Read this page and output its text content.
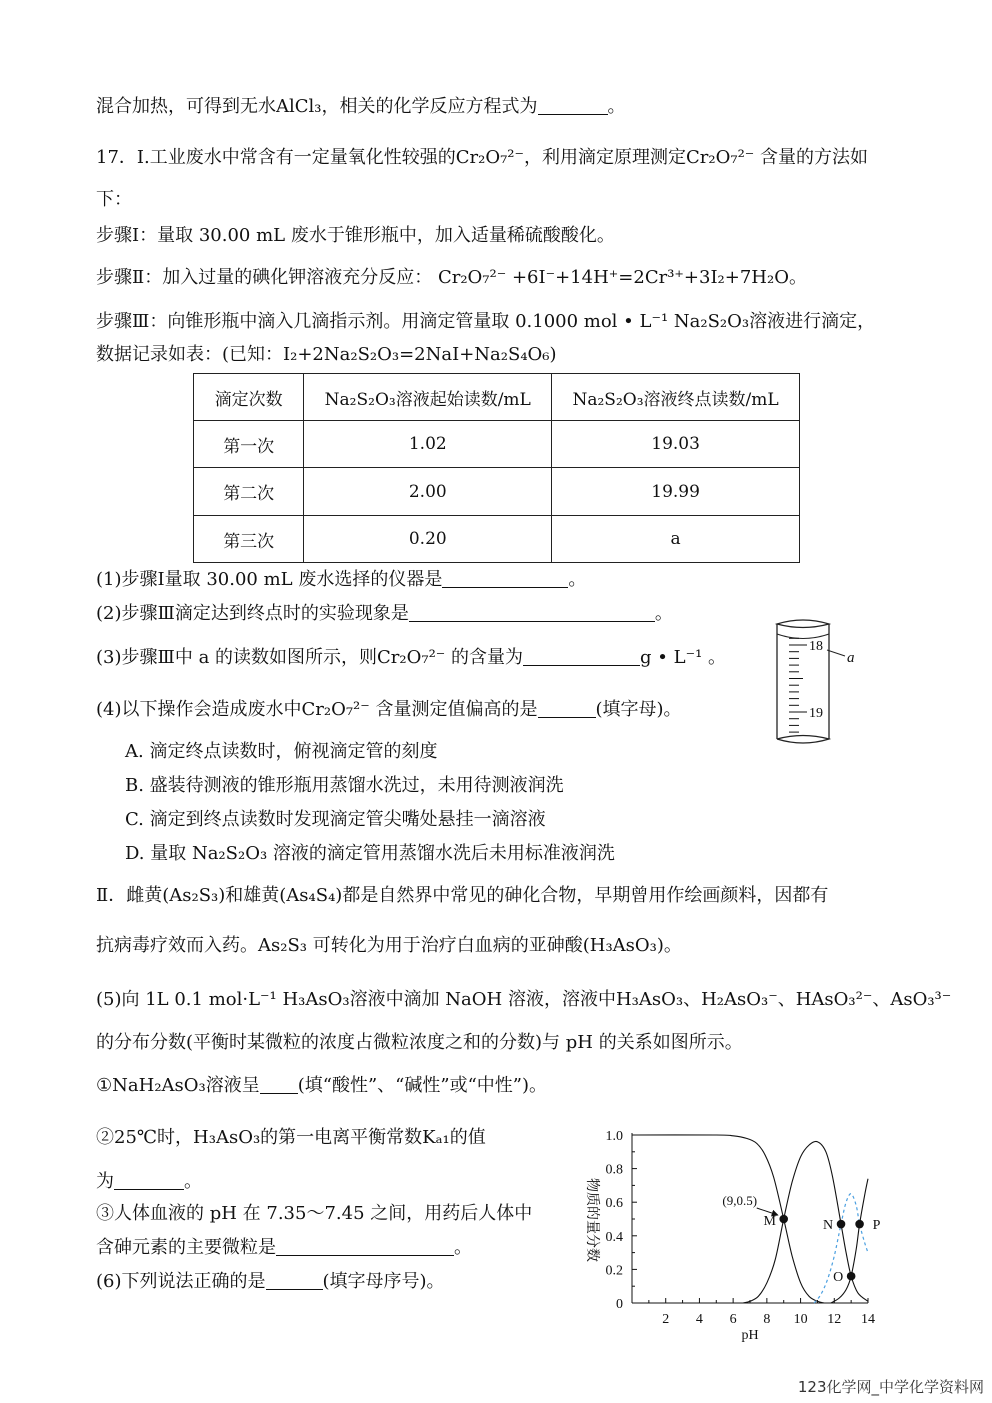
混合加热，可得到无水AlCl₃，相关的化学反应方程式为	。
17．I.工业废水中常含有一定量氧化性较强的Cr₂O₇²⁻，利用滴定原理测定Cr₂O₇²⁻ 含量的方法如
下：
步骤Ⅰ：量取 30.00 mL 废水于锥形瓶中，加入适量稀硫酸酸化。
步骤Ⅱ：加入过量的碘化钾溶液充分反应： Cr₂O₇²⁻ +6I⁻+14H⁺=2Cr³⁺+3I₂+7H₂O。
步骤Ⅲ：向锥形瓶中滴入几滴指示剂。用滴定管量取 0.1000 mol • L⁻¹ Na₂S₂O₃溶液进行滴定，
数据记录如表：(已知：I₂+2Na₂S₂O₃=2NaI+Na₂S₄O₆)
滴定次数	Na₂S₂O₃溶液起始读数/mL	Na₂S₂O₃溶液终点读数/mL
第一次	1.02	19.03
第二次	2.00	19.99
第三次	0.20	a
(1)步骤Ⅰ量取 30.00 mL 废水选择的仪器是	。
(2)步骤Ⅲ滴定达到终点时的实验现象是	。
(3)步骤Ⅲ中 a 的读数如图所示，则Cr₂O₇²⁻ 的含量为	g • L⁻¹ 。
(4)以下操作会造成废水中Cr₂O₇²⁻ 含量测定值偏高的是	(填字母)。
A. 滴定终点读数时，俯视滴定管的刻度
B. 盛装待测液的锥形瓶用蒸馏水洗过，未用待测液润洗
C. 滴定到终点读数时发现滴定管尖嘴处悬挂一滴溶液
D. 量取 Na₂S₂O₃ 溶液的滴定管用蒸馏水洗后未用标准液润洗
18
19
a
Ⅱ．雌黄(As₂S₃)和雄黄(As₄S₄)都是自然界中常见的砷化合物，早期曾用作绘画颜料，因都有
抗病毒疗效而入药。As₂S₃ 可转化为用于治疗白血病的亚砷酸(H₃AsO₃)。
(5)向 1L 0.1 mol·L⁻¹ H₃AsO₃溶液中滴加 NaOH 溶液，溶液中H₃AsO₃、H₂AsO₃⁻、HAsO₃²⁻、AsO₃³⁻
的分布分数(平衡时某微粒的浓度占微粒浓度之和的分数)与 pH 的关系如图所示。
①NaH₂AsO₃溶液呈 (填“酸性”、“碱性”或“中性”)。
②25℃时，H₃AsO₃的第一电离平衡常数Kₐ₁的值
为	。
③人体血液的 pH 在 7.35～7.45 之间，用药后人体中
含砷元素的主要微粒是	。
(6)下列说法正确的是	(填字母序号)。
0
0.2
0.4
0.6
0.8
1.0
2 4 6 8 10 12 14
物质的量分数
pH
M
(9,0.5)
N	P
O
123化学网_中学化学资料网
